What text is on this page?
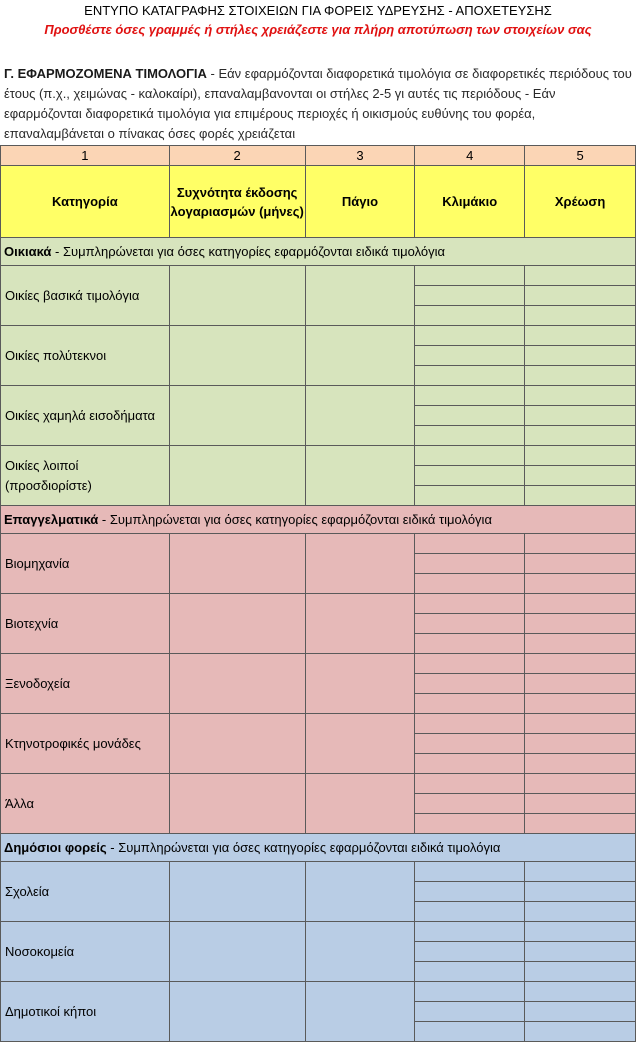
ΕΝΤΥΠΟ ΚΑΤΑΓΡΑΦΗΣ ΣΤΟΙΧΕΙΩΝ ΓΙΑ ΦΟΡΕΙΣ ΥΔΡΕΥΣΗΣ - ΑΠΟΧΕΤΕΥΣΗΣ
Προσθέστε όσες γραμμές ή στήλες χρειάζεστε για πλήρη αποτύπωση των στοιχείων σας
Γ. ΕΦΑΡΜΟΖΟΜΕΝΑ ΤΙΜΟΛΟΓΙΑ - Εάν εφαρμόζονται διαφορετικά τιμολόγια σε διαφορετικές περιόδους του έτους (π.χ., χειμώνας - καλοκαίρι), επαναλαμβανονται οι στήλες 2-5 γι αυτές τις περιόδους - Εάν εφαρμόζονται διαφορετικά τιμολόγια για επιμέρους περιοχές ή οικισμούς ευθύνης του φορέα, επαναλαμβάνεται ο πίνακας όσες φορές χρειάζεται
1	2	3	4	5
Κατηγορία	Συχνότητα έκδοσης λογαριασμών (μήνες)	Πάγιο	Κλιμάκιο	Χρέωση
Οικιακά - Συμπληρώνεται για όσες κατηγορίες εφαρμόζονται ειδικά τιμολόγια				
Οικίες βασικά τιμολόγια				

Οικίες πολύτεκνοι				

Οικίες χαμηλά εισοδήματα				

Οικίες λοιποί (προσδιορίστε)				

Επαγγελματικά - Συμπληρώνεται για όσες κατηγορίες εφαρμόζονται ειδικά τιμολόγια				
Βιομηχανία				

Βιοτεχνία				

Ξενοδοχεία				

Κτηνοτροφικές μονάδες				

Άλλα				

Δημόσιοι φορείς - Συμπληρώνεται για όσες κατηγορίες εφαρμόζονται ειδικά τιμολόγια				
Σχολεία				

Νοσοκομεία				

Δημοτικοί κήποι				
